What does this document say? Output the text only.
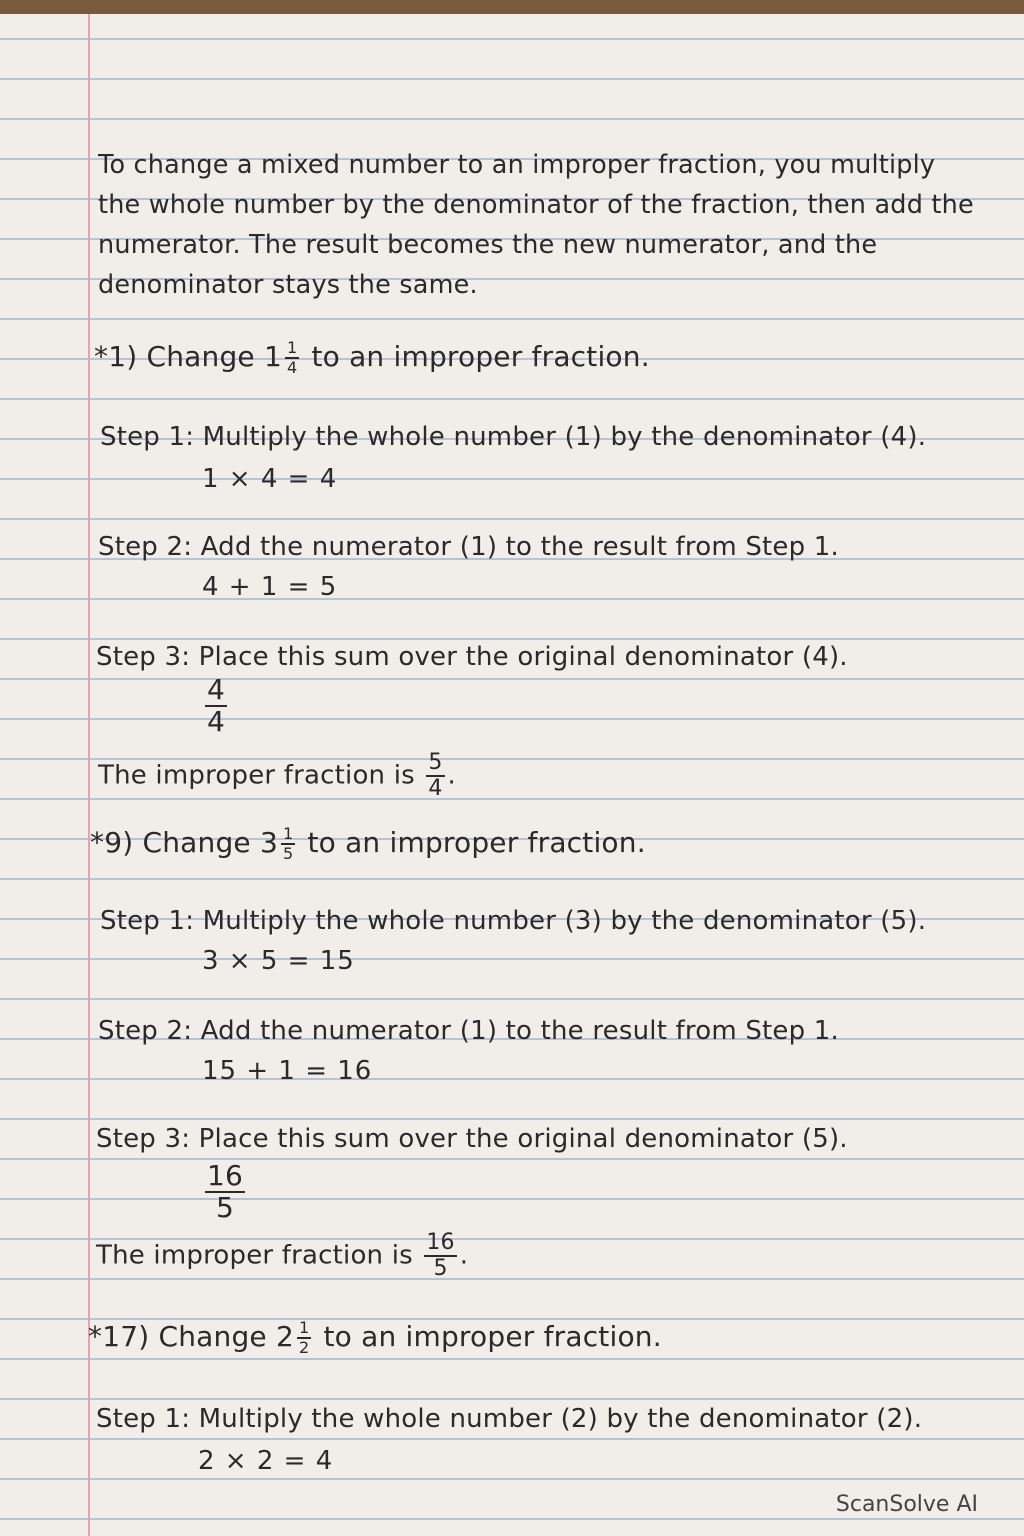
To change a mixed number to an improper fraction, you multiply
the whole number by the denominator of the fraction, then add the
numerator. The result becomes the new numerator, and the
denominator stays the same.
*1) Change $1 \frac{1}{4}$ to an improper fraction.
Step 1: Multiply the whole number (1) by the denominator (4).
1 × 4 = 4
Step 2: Add the numerator (1) to the result from Step 1.
4 + 1 = 5
Step 3: Place this sum over the original denominator (4).
$\frac{4}{4}$
The improper fraction is $\frac{5}{4}$ .
*9) Change $3 \frac{1}{5}$ to an improper fraction.
Step 1: Multiply the whole number (3) by the denominator (5).
3 × 5 = 15
Step 2: Add the numerator (1) to the result from Step 1.
15 + 1 = 16
Step 3: Place this sum over the original denominator (5).
$\frac{16}{5}$
The improper fraction is $\frac{16}{5}$ .
*17) Change $2 \frac{1}{2}$ to an improper fraction.
Step 1: Multiply the whole number (2) by the denominator (2).
2 × 2 = 4
ScanSolve AI
